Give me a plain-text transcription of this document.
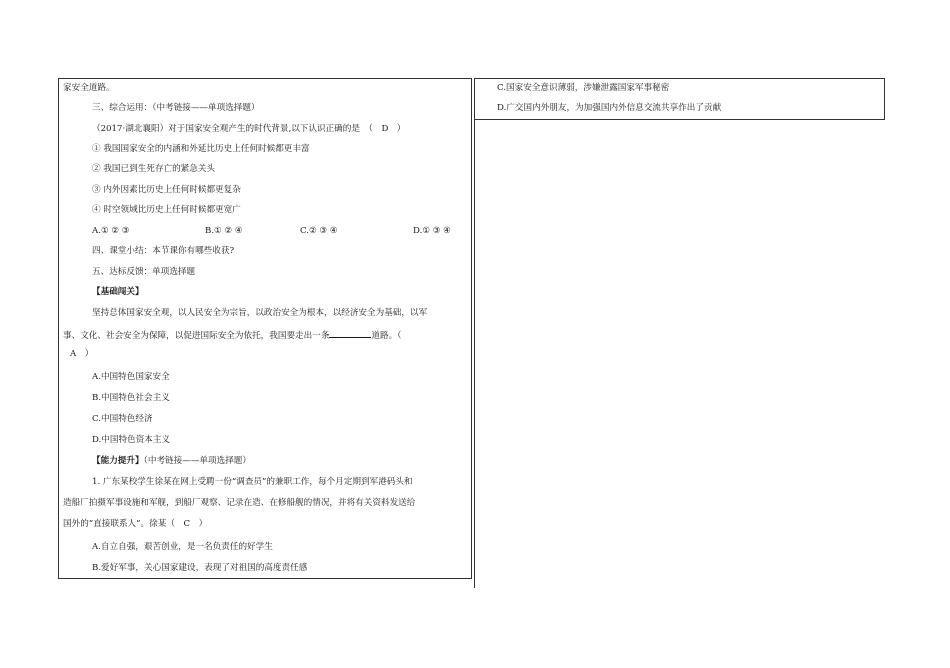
家安全道路。
三、综合运用：（中考链接——单项选择题）
（2017·湖北襄阳）对于国家安全观产生的时代背景,以下认识正确的是　（　D　）
① 我国国家安全的内涵和外延比历史上任何时候都更丰富
② 我国已到生死存亡的紧急关头
③ 内外因素比历史上任何时候都更复杂
④ 时空领域比历史上任何时候都更宽广
A.① ② ③	B.① ② ④	C.② ③ ④	D.① ③ ④
四、课堂小结：本节课你有哪些收获?
五、达标反馈：单项选择题
【基础闯关】
坚持总体国家安全观，以人民安全为宗旨，以政治安全为根本，以经济安全为基础，以军
事、文化、社会安全为保障，以促进国际安全为依托，我国要走出一条	道路。（
A　）
A.中国特色国家安全
B.中国特色社会主义
C.中国特色经济
D.中国特色资本主义
【能力提升】（中考链接——单项选择题）
1. 广东某校学生徐某在网上受聘一份“调查员”的兼职工作，每个月定期到军港码头和
造船厂拍摄军事设施和军舰，到船厂观察、记录在造、在修船舰的情况，并将有关资料发送给
国外的“直接联系人”。徐某（　C　）
A.自立自强，艰苦创业，是一名负责任的好学生
B.爱好军事，关心国家建设，表现了对祖国的高度责任感
C.国家安全意识薄弱，涉嫌泄露国家军事秘密
D.广交国内外朋友，为加强国内外信息交流共享作出了贡献
